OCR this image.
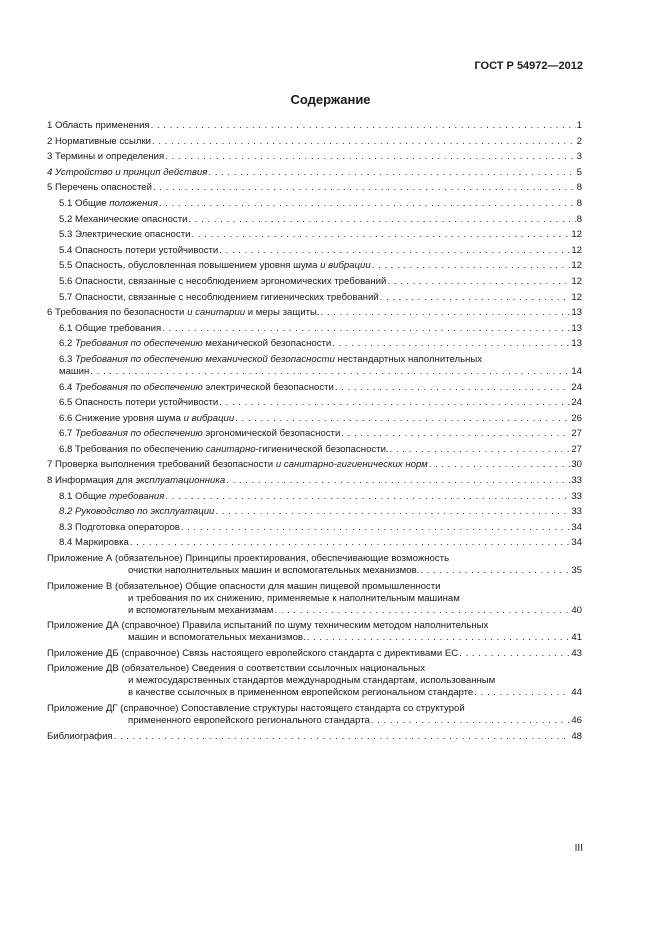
ГОСТ Р 54972—2012
Содержание
1 Область применения . . .	1
2 Нормативные ссылки . . .	2
3 Термины и определения . . .	3
4 Устройство и принцип действия . . .	5
5 Перечень опасностей . . .	8
5.1 Общие положения . . .	8
5.2 Механические опасности . . .	8
5.3 Электрические опасности . . .	12
5.4 Опасность потери устойчивости . . .	12
5.5 Опасность, обусловленная повышением уровня шума и вибрации . . .	12
5.6 Опасности, связанные с несоблюдением эргономических требований . . .	12
5.7 Опасности, связанные с несоблюдением гигиенических требований . . .	12
6 Требования по безопасности и санитарии и меры защиты. . . .	13
6.1 Общие требования . . .	13
6.2 Требования по обеспечению механической безопасности . . .	13
6.3 Требования по обеспечению механической безопасности нестандартных наполнительных
машин . . .	14
6.4 Требования по обеспечению электрической безопасности . . .	24
6.5 Опасность потери устойчивости . . .	24
6.6 Снижение уровня шума и вибрации . . .	26
6.7 Требования по обеспечению эргономической безопасности . . .	27
6.8 Требования по обеспечению санитарно-гигиенической безопасности. . . .	27
7 Проверка выполнения требований безопасности и санитарно-гигиенических норм . . .	30
8 Информация для эксплуатационника . . .	33
8.1 Общие требования . . .	33
8.2 Руководство по эксплуатации . . .	33
8.3 Подготовка операторов . . .	34
8.4 Маркировка . . .	34
Приложение А (обязательное) Принципы проектирования, обеспечивающие возможность
очистки наполнительных машин и вспомогательных механизмов. . . .	35
Приложение В (обязательное) Общие опасности для машин пищевой промышленности
и требования по их снижению, применяемые к наполнительным машинам
и вспомогательным механизмам . . .	40
Приложение ДА (справочное) Правила испытаний по шуму техническим методом наполнительных
машин и вспомогательных механизмов. . . .	41
Приложение ДБ (справочное) Связь настоящего европейского стандарта с директивами ЕС . . .	43
Приложение ДВ (обязательное) Сведения о соответствии ссылочных национальных
и межгосударственных стандартов международным стандартам, использованным
в качестве ссылочных в примененном европейском региональном стандарте . . .	44
Приложение ДГ (справочное) Сопоставление структуры настоящего стандарта со структурой
примененного европейского регионального стандарта . . .	46
Библиография . . .	48
III
